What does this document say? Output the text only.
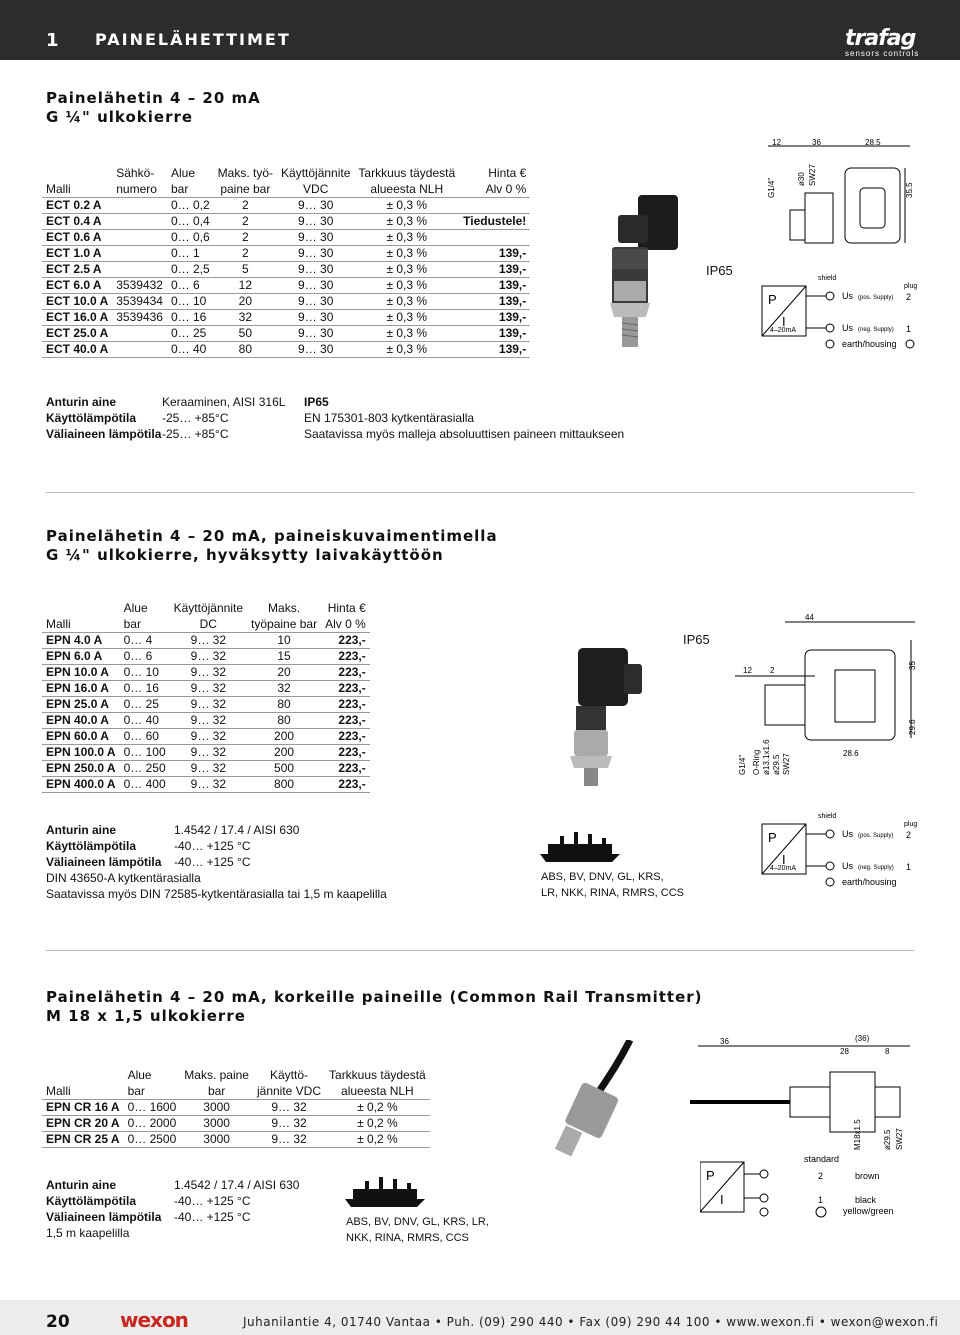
1 PAINELÄHETTIMET	trafag
sensors controls
Painelähetin 4 – 20 mA
G ¼" ulkokierre
	Sähkö-	Alue	Maks. työ-	Käyttöjännite	Tarkkuus täydestä	Hinta €
Malli	numero	bar	paine bar	VDC	alueesta NLH	Alv 0 %
ECT 0.2 A		0… 0,2	2	9… 30	± 0,3 %	
ECT 0.4 A		0… 0,4	2	9… 30	± 0,3 %	Tiedustele!
ECT 0.6 A		0… 0,6	2	9… 30	± 0,3 %	
ECT 1.0 A		0… 1	2	9… 30	± 0,3 %	139,-
ECT 2.5 A		0… 2,5	5	9… 30	± 0,3 %	139,-
ECT 6.0 A	3539432	0… 6	12	9… 30	± 0,3 %	139,-
ECT 10.0 A	3539434	0… 10	20	9… 30	± 0,3 %	139,-
ECT 16.0 A	3539436	0… 16	32	9… 30	± 0,3 %	139,-
ECT 25.0 A		0… 25	50	9… 30	± 0,3 %	139,-
ECT 40.0 A		0… 40	80	9… 30	± 0,3 %	139,-
IP65
12	36	28.5
G1/4"	ø30 SW27
35.5
P
I
4–20mA
shield
plug
Us (pos. Supply) 2
Us (neg. Supply) 1
earth/housing
Anturin aine	Keraaminen, AISI 316L
Käyttölämpötila -25… +85°C
Väliaineen lämpötila-25… +85°C
IP65
EN 175301-803 kytkentärasialla
Saatavissa myös malleja absoluuttisen paineen mittaukseen
Painelähetin 4 – 20 mA, paineiskuvaimentimella
G ¼" ulkokierre, hyväksytty laivakäyttöön
	Alue	Käyttöjännite	Maks.	Hinta €
Malli	bar	DC	työpaine bar	Alv 0 %
EPN 4.0 A	0… 4	9… 32	10	223,-
EPN 6.0 A	0… 6	9… 32	15	223,-
EPN 10.0 A	0… 10	9… 32	20	223,-
EPN 16.0 A	0… 16	9… 32	32	223,-
EPN 25.0 A	0… 25	9… 32	80	223,-
EPN 40.0 A	0… 40	9… 32	80	223,-
EPN 60.0 A	0… 60	9… 32	200	223,-
EPN 100.0 A	0… 100	9… 32	200	223,-
EPN 250.0 A	0… 250	9… 32	500	223,-
EPN 400.0 A	0… 400	9… 32	800	223,-
IP65
44
12 2
35
29.6
G1/4" O-Ring ø13.1x1.6 ø29.5 SW27	28.6
Anturin aine	1.4542 / 17.4 / AISI 630
Käyttölämpötila	-40… +125 °C
Väliaineen lämpötila -40… +125 °C
DIN 43650-A kytkentärasialla
Saatavissa myös DIN 72585-kytkentärasialla tai 1,5 m kaapelilla
ABS, BV, DNV, GL, KRS,
LR, NKK, RINA, RMRS, CCS
P
I
4–20mA
shield
plug
Us (pos. Supply) 2
Us (neg. Supply) 1
earth/housing
Painelähetin 4 – 20 mA, korkeille paineille (Common Rail Transmitter)
M 18 x 1,5 ulkokierre
	Alue	Maks. paine	Käyttö-	Tarkkuus täydestä
Malli	bar	bar	jännite VDC	alueesta NLH
EPN CR 16 A	0… 1600	3000	9… 32	± 0,2 %
EPN CR 20 A	0… 2000	3000	9… 32	± 0,2 %
EPN CR 25 A	0… 2500	3000	9… 32	± 0,2 %
(36)
36
28	8
M18x1.5	ø29.5 SW27
Anturin aine	1.4542 / 17.4 / AISI 630
Käyttölämpötila	-40… +125 °C
Väliaineen lämpötila -40… +125 °C
1,5 m kaapelilla
ABS, BV, DNV, GL, KRS, LR,
NKK, RINA, RMRS, CCS
P
I
standard
2
1
brown
black
yellow/green
20	wexon	Juhanilantie 4, 01740 Vantaa • Puh. (09) 290 440 • Fax (09) 290 44 100 • www.wexon.fi • wexon@wexon.fi
